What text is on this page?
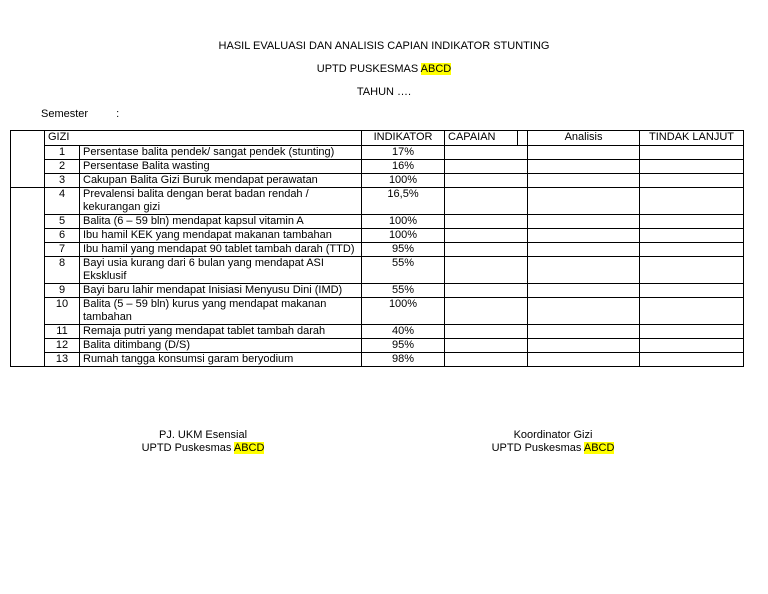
HASIL EVALUASI DAN ANALISIS CAPIAN INDIKATOR STUNTING
UPTD PUSKESMAS ABCD
TAHUN ….
Semester	:
	GIZI		INDIKATOR	CAPAIAN	Analisis	TINDAK LANJUT
	1	Persentase balita pendek/ sangat pendek (stunting)	17%			
	2	Persentase Balita wasting	16%			
	3	Cakupan Balita Gizi Buruk mendapat perawatan	100%			
	4	Prevalensi balita dengan berat badan rendah / kekurangan gizi	16,5%			
	5	Balita (6 – 59 bln) mendapat kapsul vitamin A	100%			
	6	Ibu hamil KEK yang mendapat makanan tambahan	100%			
	7	Ibu hamil yang mendapat 90 tablet tambah darah (TTD)	95%			
	8	Bayi usia kurang dari 6 bulan yang mendapat ASI Eksklusif	55%			
	9	Bayi baru lahir mendapat Inisiasi Menyusu Dini (IMD)	55%			
	10	Balita (5 – 59 bln) kurus yang mendapat makanan tambahan	100%			
	11	Remaja putri yang mendapat tablet tambah darah	40%			
	12	Balita ditimbang (D/S)	95%			
	13	Rumah tangga konsumsi garam beryodium	98%			
PJ. UKM Esensial
UPTD Puskesmas ABCD
Koordinator Gizi
UPTD Puskesmas ABCD
